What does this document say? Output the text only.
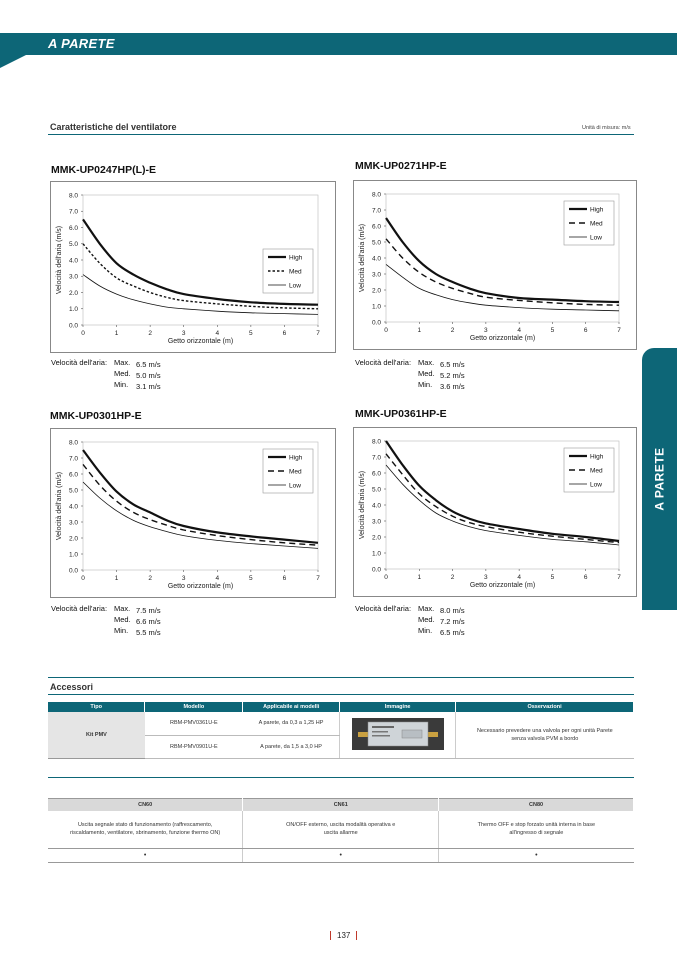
A PARETE
A PARETE
Caratteristiche del ventilatore	Unità di misura: m/s
MMK-UP0247HP(L)-E
0.0
1.0
2.0
3.0
4.0
5.0
6.0
7.0
8.0
0	1	2	3	4	5	6	7
Getto orizzontale (m)
Velocità dell'aria (m/s)	High
Med
Low
Velocità dell'aria: Max. 6.5 m/s
Med. 5.0 m/s
Min. 3.1 m/s
MMK-UP0271HP-E
0.0
1.0
2.0
3.0
4.0
5.0
6.0
7.0
8.0
0	1	2	3	4	5	6	7
Getto orizzontale (m)
Velocità dell'aria (m/s)
High
Med
Low
Velocità dell'aria: Max. 6.5 m/s
Med. 5.2 m/s
Min. 3.6 m/s
MMK-UP0301HP-E
0.0
1.0
2.0
3.0
4.0
5.0
6.0
7.0
8.0
0	1	2	3	4	5	6	7
Getto orizzontale (m)
Velocità dell'aria (m/s)
High
Med
Low
Velocità dell'aria: Max. 7.5 m/s
Med. 6.6 m/s
Min. 5.5 m/s
MMK-UP0361HP-E
0.0
1.0
2.0
3.0
4.0
5.0
6.0
7.0
8.0
0	1	2	3	4	5	6	7
Getto orizzontale (m)
Velocità dell'aria (m/s)
High
Med
Low
Velocità dell'aria: Max. 8.0 m/s
Med. 7.2 m/s
Min. 6.5 m/s
Accessori
Tipo	Modello	Applicabile ai modelli	Immagine	Osservazioni
Kit PMV	RBM-PMV0361U-E	A parete, da 0,3 a 1,25 HP		Necessario prevedere una valvola per ogni unità Parete senza valvola PVM a bordo
	RBM-PMV0901U-E	A parete, da 1,5 a 3,0 HP		
CN60	CN61	CN80
Uscita segnale stato di funzionamento (raffrescamento, riscaldamento, ventilatore, sbrinamento, funzione thermo ON)	ON/OFF esterno, uscita modalità operativa e uscita allarme	Thermo OFF e stop forzato unità interna in base all'ingresso di segnale
•	•	•
137
